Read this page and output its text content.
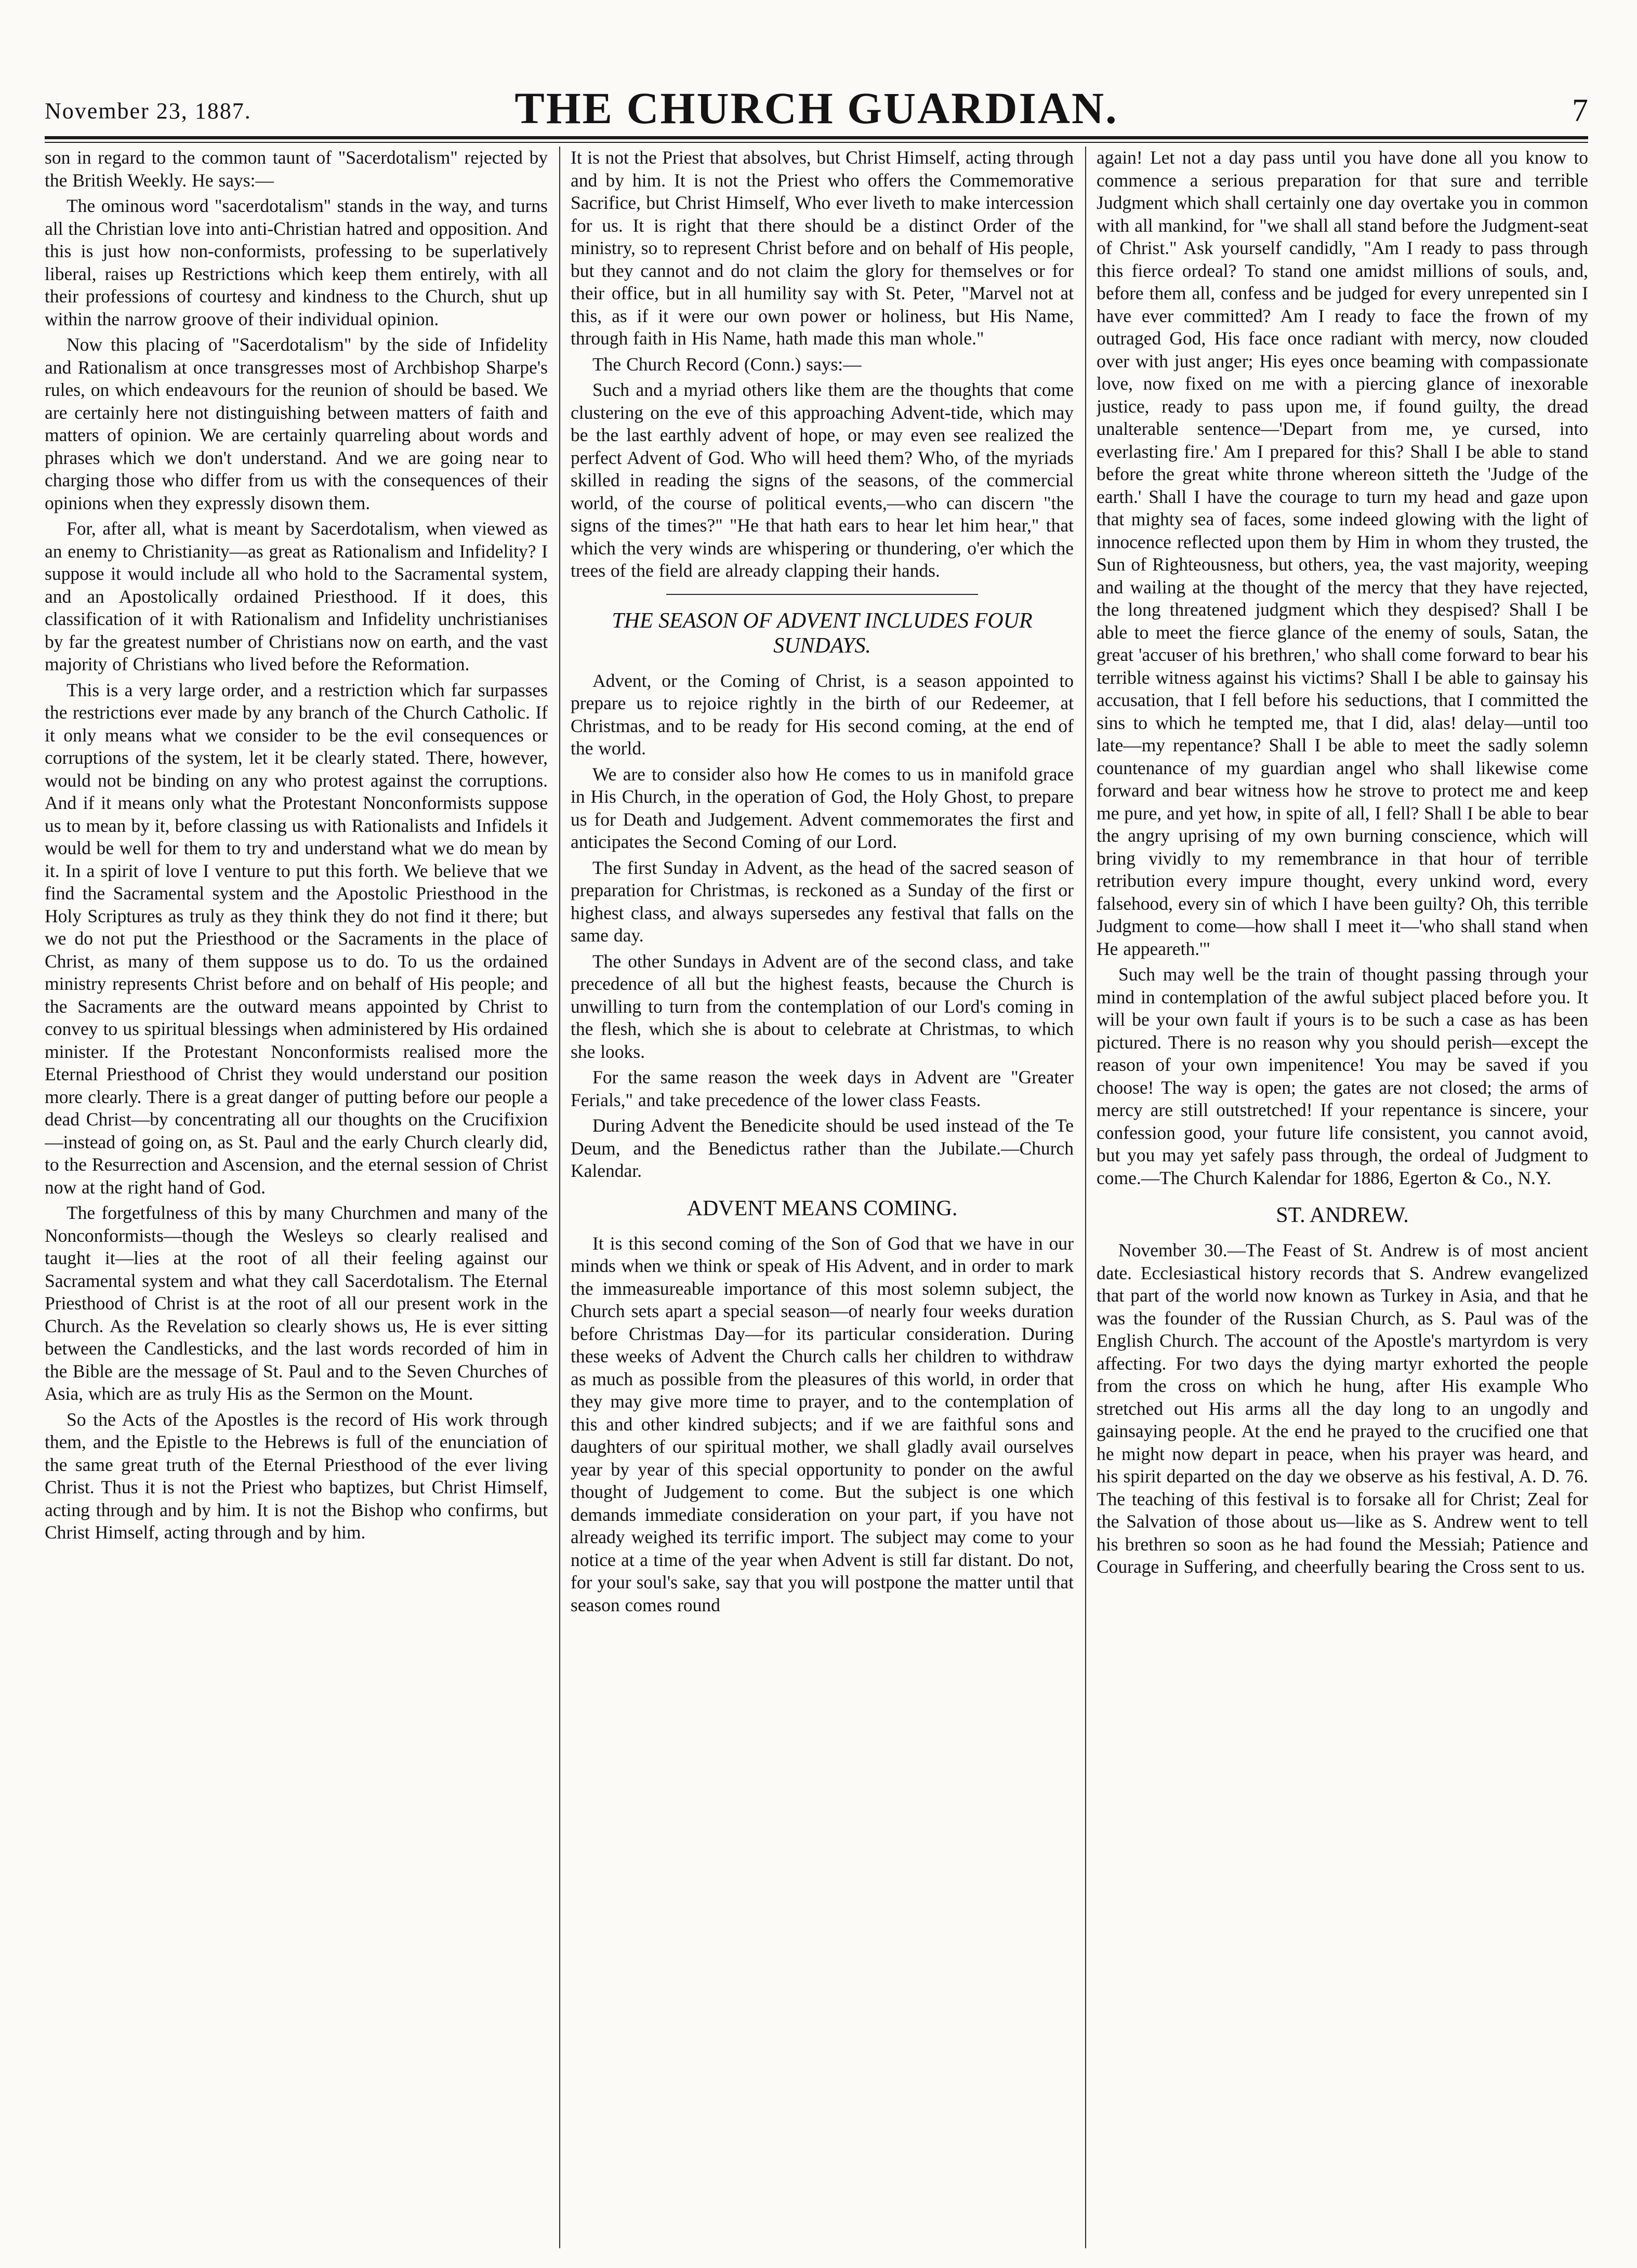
November 23, 1887.	THE CHURCH GUARDIAN.	7

son in regard to the common taunt of "Sacerdotalism" rejected by the British Weekly. He says:—

The ominous word "sacerdotalism" stands in the way, and turns all the Christian love into anti-Christian hatred and opposition. And this is just how non-conformists, professing to be superlatively liberal, raises up Restrictions which keep them entirely, with all their professions of courtesy and kindness to the Church, shut up within the narrow groove of their individual opinion.

Now this placing of "Sacerdotalism" by the side of Infidelity and Rationalism at once transgresses most of Archbishop Sharpe's rules, on which endeavours for the reunion of should be based. We are certainly here not distinguishing between matters of faith and matters of opinion. We are certainly quarreling about words and phrases which we don't understand. And we are going near to charging those who differ from us with the consequences of their opinions when they expressly disown them.

For, after all, what is meant by Sacerdotalism, when viewed as an enemy to Christianity—as great as Rationalism and Infidelity? I suppose it would include all who hold to the Sacramental system, and an Apostolically ordained Priesthood. If it does, this classification of it with Rationalism and Infidelity unchristianises by far the greatest number of Christians now on earth, and the vast majority of Christians who lived before the Reformation.

This is a very large order, and a restriction which far surpasses the restrictions ever made by any branch of the Church Catholic. If it only means what we consider to be the evil consequences or corruptions of the system, let it be clearly stated. There, however, would not be binding on any who protest against the corruptions. And if it means only what the Protestant Nonconformists suppose us to mean by it, before classing us with Rationalists and Infidels it would be well for them to try and understand what we do mean by it. In a spirit of love I venture to put this forth. We believe that we find the Sacramental system and the Apostolic Priesthood in the Holy Scriptures as truly as they think they do not find it there; but we do not put the Priesthood or the Sacraments in the place of Christ, as many of them suppose us to do. To us the ordained ministry represents Christ before and on behalf of His people; and the Sacraments are the outward means appointed by Christ to convey to us spiritual blessings when administered by His ordained minister. If the Protestant Nonconformists realised more the Eternal Priesthood of Christ they would understand our position more clearly. There is a great danger of putting before our people a dead Christ—by concentrating all our thoughts on the Crucifixion—instead of going on, as St. Paul and the early Church clearly did, to the Resurrection and Ascension, and the eternal session of Christ now at the right hand of God.

The forgetfulness of this by many Churchmen and many of the Nonconformists—though the Wesleys so clearly realised and taught it—lies at the root of all their feeling against our Sacramental system and what they call Sacerdotalism. The Eternal Priesthood of Christ is at the root of all our present work in the Church. As the Revelation so clearly shows us, He is ever sitting between the Candlesticks, and the last words recorded of him in the Bible are the message of St. Paul and to the Seven Churches of Asia, which are as truly His as the Sermon on the Mount.

So the Acts of the Apostles is the record of His work through them, and the Epistle to the Hebrews is full of the enunciation of the same great truth of the Eternal Priesthood of the ever living Christ. Thus it is not the Priest who baptizes, but Christ Himself, acting through and by him. It is not the Bishop who confirms, but Christ Himself, acting through and by him.

It is not the Priest that absolves, but Christ Himself, acting through and by him. It is not the Priest who offers the Commemorative Sacrifice, but Christ Himself, Who ever liveth to make intercession for us. It is right that there should be a distinct Order of the ministry, so to represent Christ before and on behalf of His people, but they cannot and do not claim the glory for themselves or for their office, but in all humility say with St. Peter, "Marvel not at this, as if it were our own power or holiness, but His Name, through faith in His Name, hath made this man whole."

The Church Record (Conn.) says:—

Such and a myriad others like them are the thoughts that come clustering on the eve of this approaching Advent-tide, which may be the last earthly advent of hope, or may even see realized the perfect Advent of God. Who will heed them? Who, of the myriads skilled in reading the signs of the seasons, of the commercial world, of the course of political events,—who can discern "the signs of the times?" "He that hath ears to hear let him hear," that which the very winds are whispering or thundering, o'er which the trees of the field are already clapping their hands.

THE SEASON OF ADVENT INCLUDES FOUR SUNDAYS.

Advent, or the Coming of Christ, is a season appointed to prepare us to rejoice rightly in the birth of our Redeemer, at Christmas, and to be ready for His second coming, at the end of the world.

We are to consider also how He comes to us in manifold grace in His Church, in the operation of God, the Holy Ghost, to prepare us for Death and Judgement. Advent commemorates the first and anticipates the Second Coming of our Lord.

The first Sunday in Advent, as the head of the sacred season of preparation for Christmas, is reckoned as a Sunday of the first or highest class, and always supersedes any festival that falls on the same day.

The other Sundays in Advent are of the second class, and take precedence of all but the highest feasts, because the Church is unwilling to turn from the contemplation of our Lord's coming in the flesh, which she is about to celebrate at Christmas, to which she looks.

For the same reason the week days in Advent are "Greater Ferials," and take precedence of the lower class Feasts.

During Advent the Benedicite should be used instead of the Te Deum, and the Benedictus rather than the Jubilate.—Church Kalendar.

ADVENT MEANS COMING.

It is this second coming of the Son of God that we have in our minds when we think or speak of His Advent, and in order to mark the immeasureable importance of this most solemn subject, the Church sets apart a special season—of nearly four weeks duration before Christmas Day—for its particular consideration. During these weeks of Advent the Church calls her children to withdraw as much as possible from the pleasures of this world, in order that they may give more time to prayer, and to the contemplation of this and other kindred subjects; and if we are faithful sons and daughters of our spiritual mother, we shall gladly avail ourselves year by year of this special opportunity to ponder on the awful thought of Judgement to come. But the subject is one which demands immediate consideration on your part, if you have not already weighed its terrific import. The subject may come to your notice at a time of the year when Advent is still far distant. Do not, for your soul's sake, say that you will postpone the matter until that season comes round

again! Let not a day pass until you have done all you know to commence a serious preparation for that sure and terrible Judgment which shall certainly one day overtake you in common with all mankind, for "we shall all stand before the Judgment-seat of Christ." Ask yourself candidly, "Am I ready to pass through this fierce ordeal? To stand one amidst millions of souls, and, before them all, confess and be judged for every unrepented sin I have ever committed? Am I ready to face the frown of my outraged God, His face once radiant with mercy, now clouded over with just anger; His eyes once beaming with compassionate love, now fixed on me with a piercing glance of inexorable justice, ready to pass upon me, if found guilty, the dread unalterable sentence—'Depart from me, ye cursed, into everlasting fire.' Am I prepared for this? Shall I be able to stand before the great white throne whereon sitteth the 'Judge of the earth.' Shall I have the courage to turn my head and gaze upon that mighty sea of faces, some indeed glowing with the light of innocence reflected upon them by Him in whom they trusted, the Sun of Righteousness, but others, yea, the vast majority, weeping and wailing at the thought of the mercy that they have rejected, the long threatened judgment which they despised? Shall I be able to meet the fierce glance of the enemy of souls, Satan, the great 'accuser of his brethren,' who shall come forward to bear his terrible witness against his victims? Shall I be able to gainsay his accusation, that I fell before his seductions, that I committed the sins to which he tempted me, that I did, alas! delay—until too late—my repentance? Shall I be able to meet the sadly solemn countenance of my guardian angel who shall likewise come forward and bear witness how he strove to protect me and keep me pure, and yet how, in spite of all, I fell? Shall I be able to bear the angry uprising of my own burning conscience, which will bring vividly to my remembrance in that hour of terrible retribution every impure thought, every unkind word, every falsehood, every sin of which I have been guilty? Oh, this terrible Judgment to come—how shall I meet it—'who shall stand when He appeareth.'"

Such may well be the train of thought passing through your mind in contemplation of the awful subject placed before you. It will be your own fault if yours is to be such a case as has been pictured. There is no reason why you should perish—except the reason of your own impenitence! You may be saved if you choose! The way is open; the gates are not closed; the arms of mercy are still outstretched! If your repentance is sincere, your confession good, your future life consistent, you cannot avoid, but you may yet safely pass through, the ordeal of Judgment to come.—The Church Kalendar for 1886, Egerton & Co., N.Y.

ST. ANDREW.

November 30.—The Feast of St. Andrew is of most ancient date. Ecclesiastical history records that S. Andrew evangelized that part of the world now known as Turkey in Asia, and that he was the founder of the Russian Church, as S. Paul was of the English Church. The account of the Apostle's martyrdom is very affecting. For two days the dying martyr exhorted the people from the cross on which he hung, after His example Who stretched out His arms all the day long to an ungodly and gainsaying people. At the end he prayed to the crucified one that he might now depart in peace, when his prayer was heard, and his spirit departed on the day we observe as his festival, A. D. 76. The teaching of this festival is to forsake all for Christ; Zeal for the Salvation of those about us—like as S. Andrew went to tell his brethren so soon as he had found the Messiah; Patience and Courage in Suffering, and cheerfully bearing the Cross sent to us.
